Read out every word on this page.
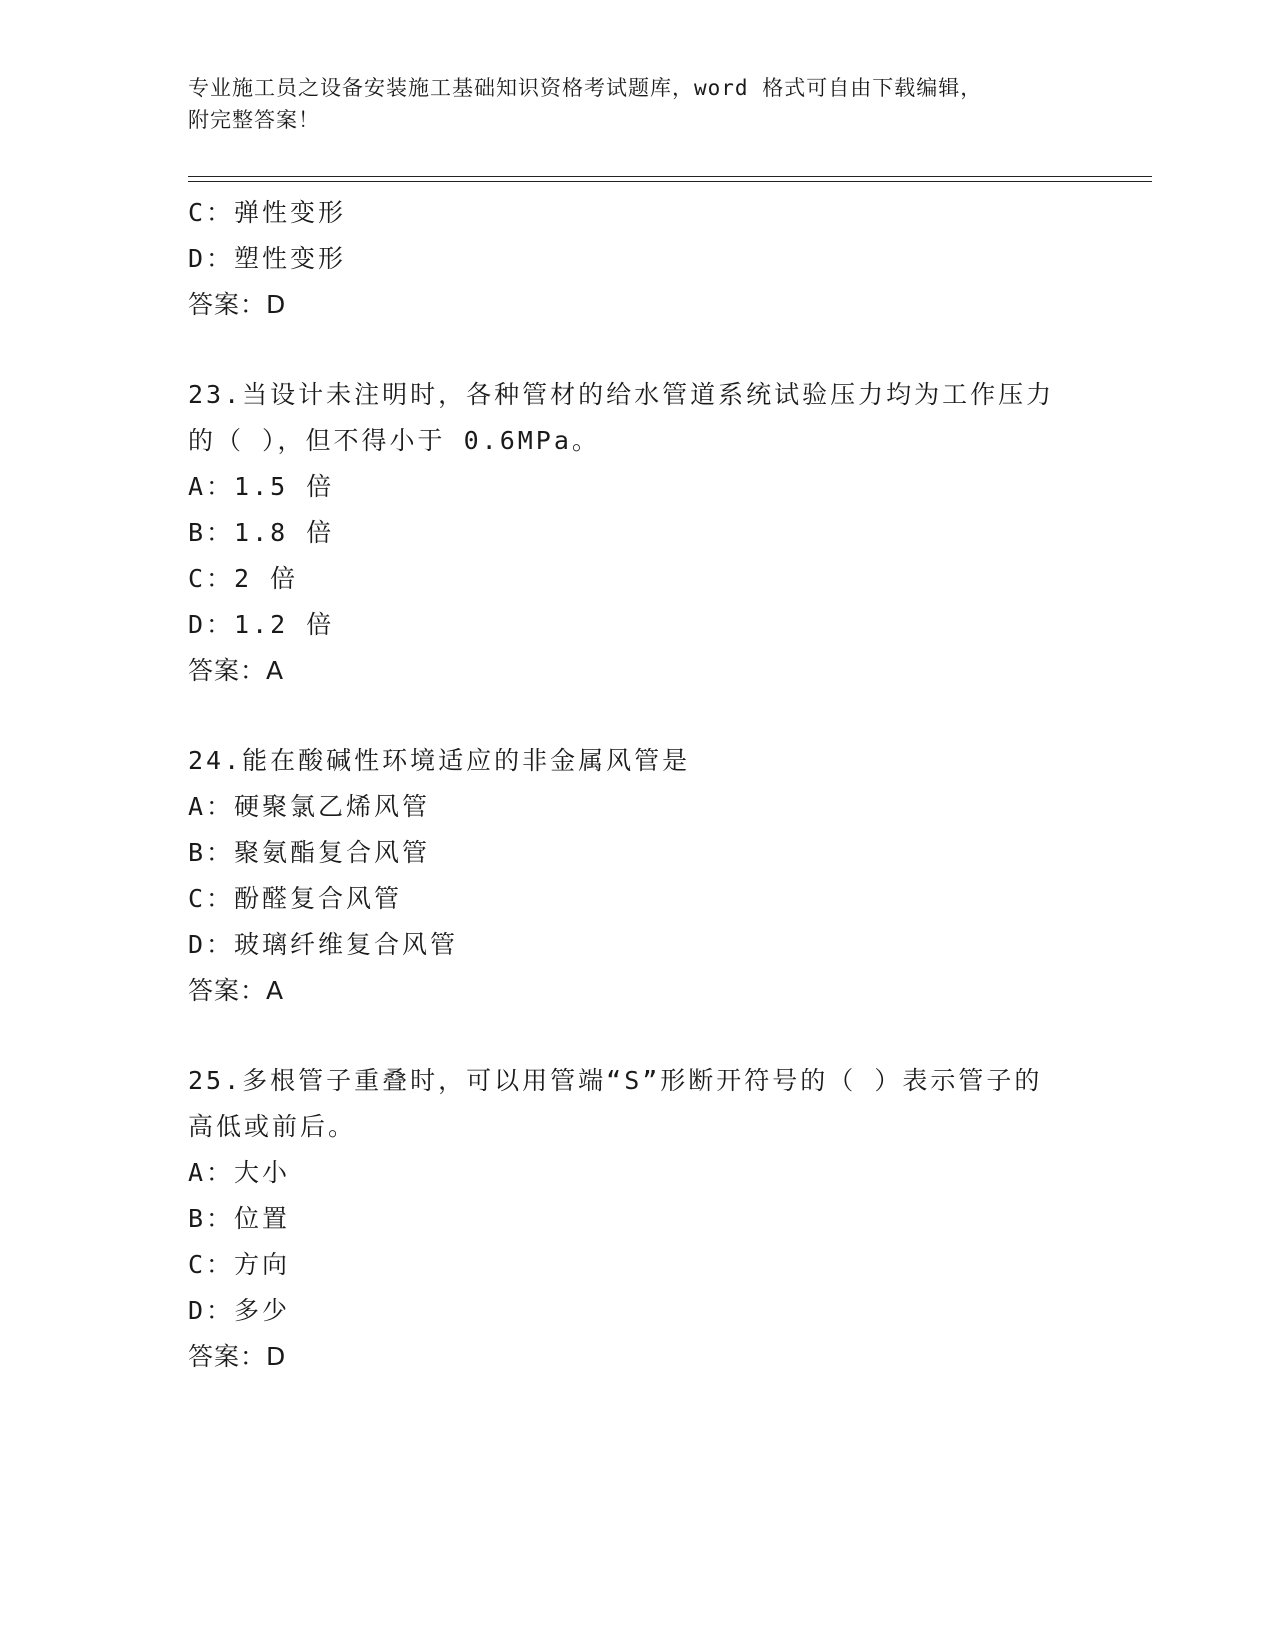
专业施工员之设备安装施工基础知识资格考试题库，word 格式可自由下载编辑，
附完整答案！
C：弹性变形
D：塑性变形
答案：D
23.当设计未注明时，各种管材的给水管道系统试验压力均为工作压力
的（ ），但不得小于 0.6MPa。
A：1.5 倍
B：1.8 倍
C：2 倍
D：1.2 倍
答案：A
24.能在酸碱性环境适应的非金属风管是
A：硬聚氯乙烯风管
B：聚氨酯复合风管
C：酚醛复合风管
D：玻璃纤维复合风管
答案：A
25.多根管子重叠时，可以用管端“S”形断开符号的（ ）表示管子的
高低或前后。
A：大小
B：位置
C：方向
D：多少
答案：D
